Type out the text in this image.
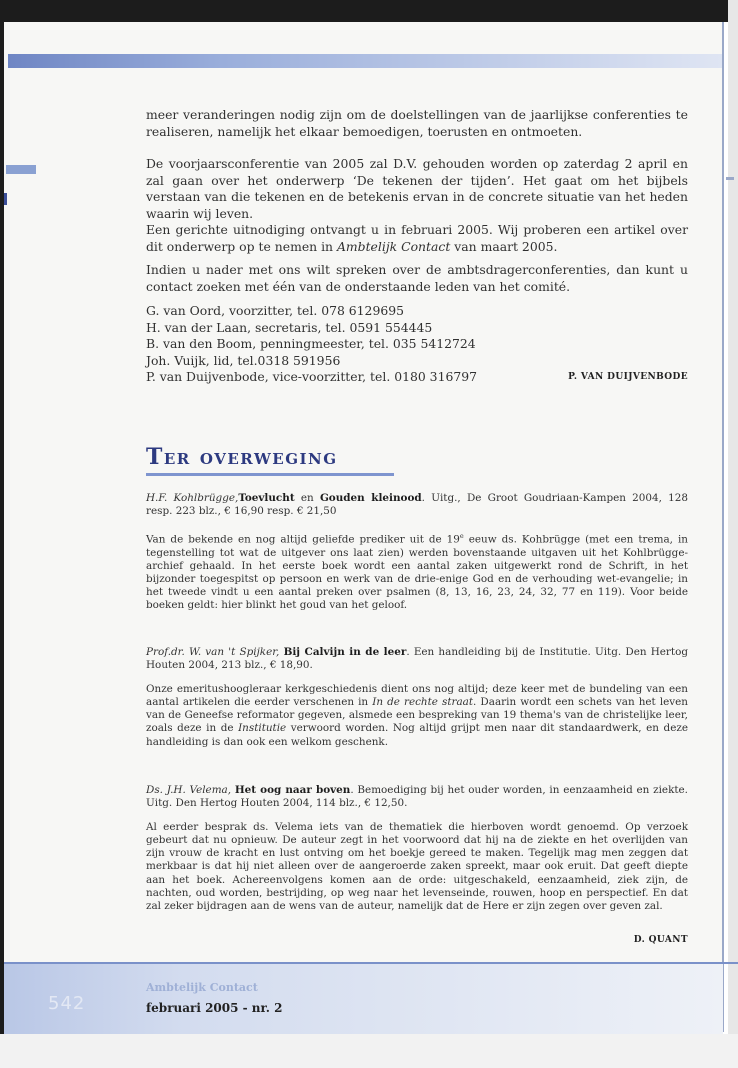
meer veranderingen nodig zijn om de doelstellingen van de jaarlijkse conferenties te realiseren, namelijk het elkaar bemoedigen, toerusten en ontmoeten.

De voorjaarsconferentie van 2005 zal D.V. gehouden worden op zaterdag 2 april en zal gaan over het onderwerp ‘De tekenen der tijden’. Het gaat om het bijbels verstaan van die tekenen en de betekenis ervan in de concrete situatie van het heden waarin wij leven.

Een gerichte uitnodiging ontvangt u in februari 2005. Wij proberen een artikel over dit onderwerp op te nemen in Ambtelijk Contact van maart 2005.

Indien u nader met ons wilt spreken over de ambtsdragerconferenties, dan kunt u contact zoeken met één van de onderstaande leden van het comité.

G. van Oord, voorzitter, tel. 078 6129695

H. van der Laan, secretaris, tel. 0591 554445

B. van den Boom, penningmeester, tel. 035 5412724

Joh. Vuijk, lid, tel.0318 591956

P. van Duijvenbode, vice-voorzitter, tel. 0180 316797	P. VAN DUIJVENBODE
Ter overweging

H.F. Kohlbrügge,Toevlucht en Gouden kleinood. Uitg., De Groot Goudriaan-Kampen 2004, 128 resp. 223 blz., € 16,90 resp. € 21,50

Van de bekende en nog altijd geliefde prediker uit de 19e eeuw ds. Kohbrügge (met een trema, in tegenstelling tot wat de uitgever ons laat zien) werden bovenstaande uitgaven uit het Kohlbrügge-archief gehaald. In het eerste boek wordt een aantal zaken uitgewerkt rond de Schrift, in het bijzonder toegespitst op persoon en werk van de drie-enige God en de verhouding wet-evangelie; in het tweede vindt u een aantal preken over psalmen (8, 13, 16, 23, 24, 32, 77 en 119). Voor beide boeken geldt: hier blinkt het goud van het geloof.

Prof.dr. W. van 't Spijker, Bij Calvijn in de leer. Een handleiding bij de Institutie. Uitg. Den Hertog Houten 2004, 213 blz., € 18,90.

Onze emeritushoogleraar kerkgeschiedenis dient ons nog altijd; deze keer met de bundeling van een aantal artikelen die eerder verschenen in In de rechte straat. Daarin wordt een schets van het leven van de Geneefse reformator gegeven, alsmede een bespreking van 19 thema's van de christelijke leer, zoals deze in de Institutie verwoord worden. Nog altijd grijpt men naar dit standaardwerk, en deze handleiding is dan ook een welkom geschenk.

Ds. J.H. Velema, Het oog naar boven. Bemoediging bij het ouder worden, in eenzaamheid en ziekte. Uitg. Den Hertog Houten 2004, 114 blz., € 12,50.

Al eerder besprak ds. Velema iets van de thematiek die hierboven wordt genoemd. Op verzoek gebeurt dat nu opnieuw. De auteur zegt in het voorwoord dat hij na de ziekte en het overlijden van zijn vrouw de kracht en lust ontving om het boekje gereed te maken. Tegelijk mag men zeggen dat merkbaar is dat hij niet alleen over de aangeroerde zaken spreekt, maar ook eruit. Dat geeft diepte aan het boek. Achereenvolgens komen aan de orde: uitgeschakeld, eenzaamheid, ziek zijn, de nachten, oud worden, bestrijding, op weg naar het levenseinde, rouwen, hoop en perspectief. En dat zal zeker bijdragen aan de wens van de auteur, namelijk dat de Here er zijn zegen over geven zal.

D. QUANT
542
Ambtelijk Contact
februari 2005 - nr. 2
